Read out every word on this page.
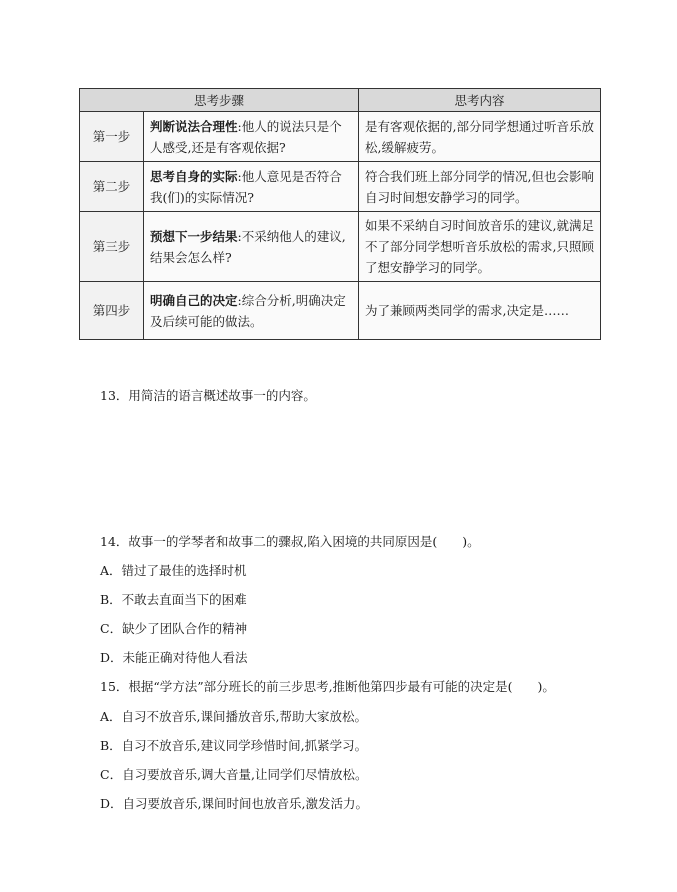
思考步骤		思考内容
第一步	判断说法合理性:他人的说法只是个人感受,还是有客观依据?	是有客观依据的,部分同学想通过听音乐放松,缓解疲劳。
第二步	思考自身的实际:他人意见是否符合我(们)的实际情况?	符合我们班上部分同学的情况,但也会影响自习时间想安静学习的同学。
第三步	预想下一步结果:不采纳他人的建议,结果会怎么样?	如果不采纳自习时间放音乐的建议,就满足不了部分同学想听音乐放松的需求,只照顾了想安静学习的同学。
第四步	明确自己的决定:综合分析,明确决定及后续可能的做法。	为了兼顾两类同学的需求,决定是……
13．用简洁的语言概述故事一的内容。
14．故事一的学琴者和故事二的骤叔,陷入困境的共同原因是(　　)。
A．错过了最佳的选择时机
B．不敢去直面当下的困难
C．缺少了团队合作的精神
D．未能正确对待他人看法
15．根据“学方法”部分班长的前三步思考,推断他第四步最有可能的决定是(　　)。
A．自习不放音乐,课间播放音乐,帮助大家放松。
B．自习不放音乐,建议同学珍惜时间,抓紧学习。
C．自习要放音乐,调大音量,让同学们尽情放松。
D．自习要放音乐,课间时间也放音乐,激发活力。
